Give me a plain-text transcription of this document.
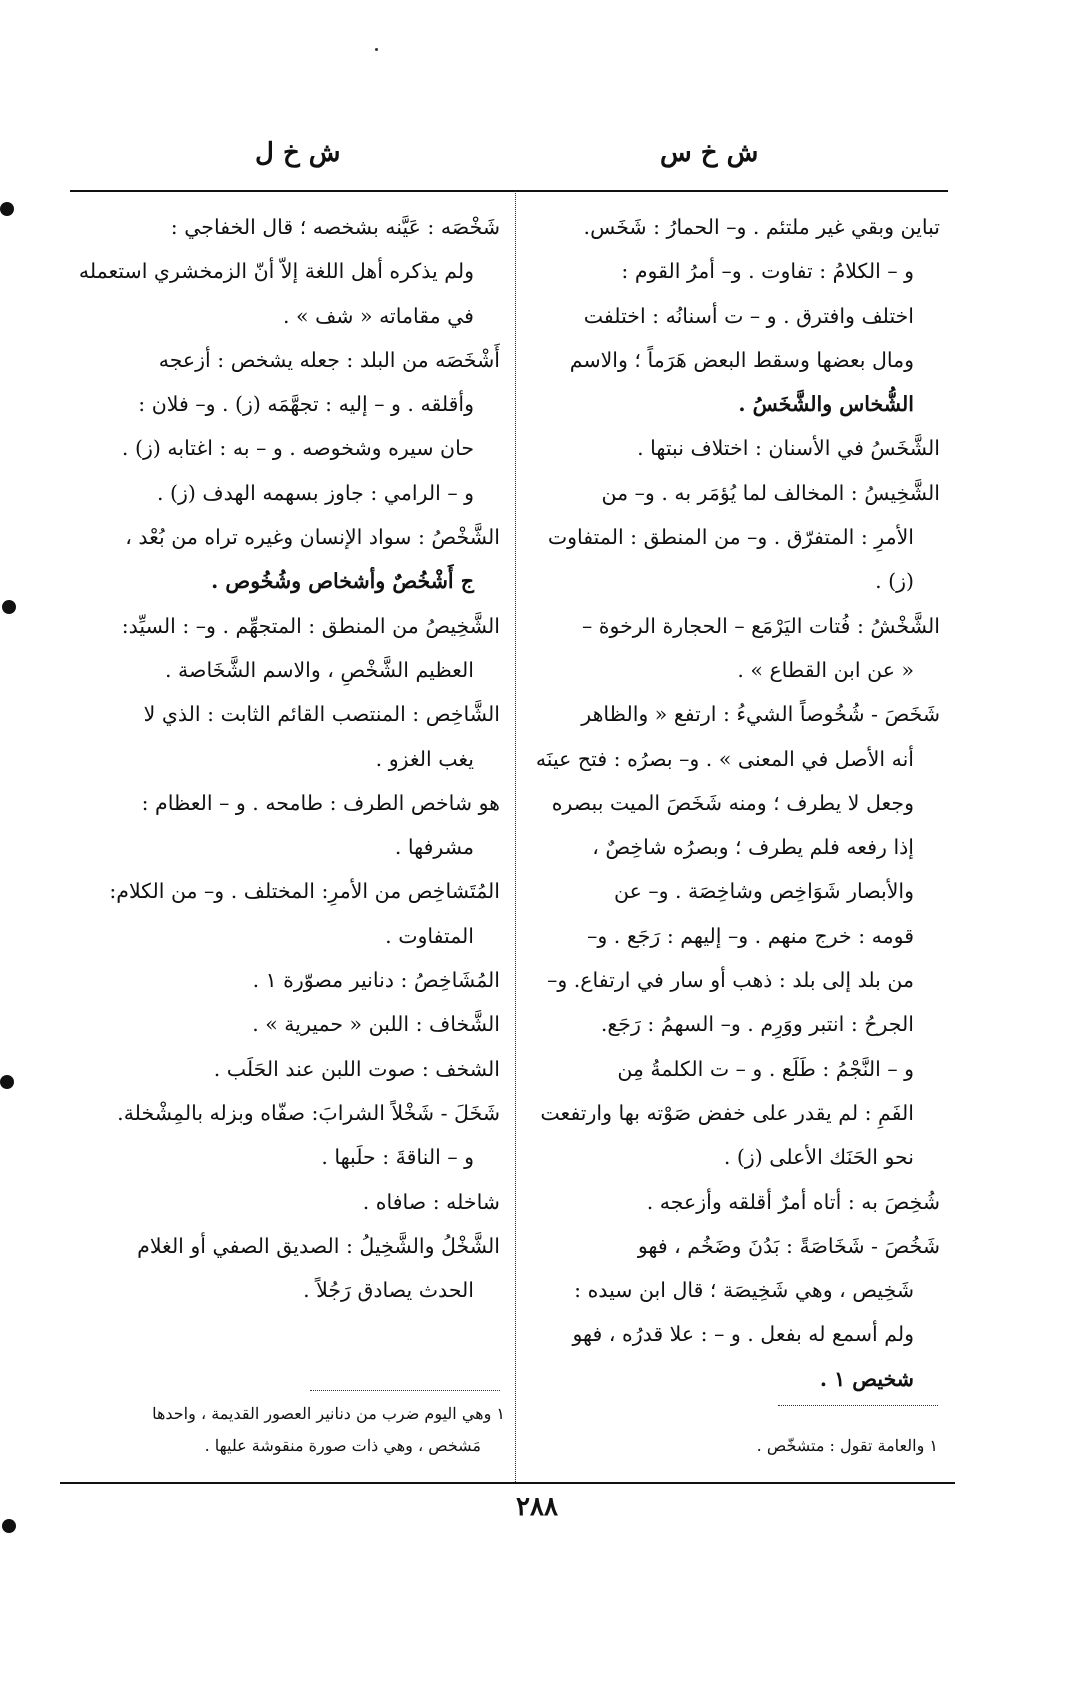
ش خ س
ش خ ل
تباين وبقي غير ملتئم . و– الحمارُ : شَخَس.
و – الكلامُ : تفاوت . و– أمرُ القوم :
اختلف وافترق . و – ت أسنانُه : اختلفت
ومال بعضها وسقط البعض هَرَماً ؛ والاسم
الشُّخاس والشَّخَسُ .
الشَّخَسُ في الأسنان : اختلاف نبتها .
الشَّخِيسُ : المخالف لما يُؤمَر به . و– من
الأمرِ : المتفرّق . و– من المنطق : المتفاوت
(ز) .
الشَّخْشُ : فُتات اليَرْمَع – الحجارة الرخوة –
« عن ابن القطاع » .
شَخَصَ - شُخُوصاً الشيءُ : ارتفع « والظاهر
أنه الأصل في المعنى » . و– بصرُه : فتح عينَه
وجعل لا يطرف ؛ ومنه شَخَصَ الميت ببصره
إذا رفعه فلم يطرف ؛ وبصرُه شاخِصٌ ،
والأبصار شَوَاخِص وشاخِصَة . و– عن
قومه : خرج منهم . و– إليهم : رَجَع . و–
من بلد إلى بلد : ذهب أو سار في ارتفاع. و–
الجرحُ : انتبر ووَرِم . و– السهمُ : رَجَع.
و – النَّجْمُ : طَلَع . و – ت الكلمةُ مِن
الفَمِ : لم يقدر على خفض صَوْته بها وارتفعت
نحو الحَنَك الأعلى (ز) .
شُخِصَ به : أتاه أمرٌ أقلقه وأزعجه .
شَخُصَ - شَخَاصَةً : بَدُنَ وضَخُم ، فهو
شَخِيص ، وهي شَخِيصَة ؛ قال ابن سيده :
ولم أسمع له بفعل . و – : علا قدرُه ، فهو
شخيص ١ .
شَخْصَه : عَيَّنه بشخصه ؛ قال الخفاجي :
ولم يذكره أهل اللغة إلاّ أنّ الزمخشري استعمله
في مقاماته « شف » .
أَشْخَصَه من البلد : جعله يشخص : أزعجه
وأقلقه . و – إليه : تجهَّمَه (ز) . و– فلان :
حان سيره وشخوصه . و – به : اغتابه (ز) .
و – الرامي : جاوز بسهمه الهدف (ز) .
الشَّخْصُ : سواد الإنسان وغيره تراه من بُعْد ،
ج أَشْخُصٌ وأشخاص وشُخُوص .
الشَّخِيصُ من المنطق : المتجهِّم . و– : السيِّد:
العظيم الشَّخْصِ ، والاسم الشَّخَاصة .
الشَّاخِص : المنتصب القائم الثابت : الذي لا
يغب الغزو .
هو شاخص الطرف : طامحه . و – العظام :
مشرفها .
المُتَشاخِص من الأمرِ: المختلف . و– من الكلام:
المتفاوت .
المُشَاخِصُ : دنانير مصوّرة ١ .
الشَّخاف : اللبن « حميرية » .
الشخف : صوت اللبن عند الحَلَب .
شَخَلَ - شَخْلاً الشرابَ: صفّاه وبزله بالمِشْخلة.
و – الناقةَ : حلَبها .
شاخله : صافاه .
الشَّخْلُ والشَّخِيلُ : الصديق الصفي أو الغلام
الحدث يصادق رَجُلاً .
١ والعامة تقول : متشخّص .
١ وهي اليوم ضرب من دنانير العصور القديمة ، واحدها
مَشخص ، وهي ذات صورة منقوشة عليها .
٢٨٨
